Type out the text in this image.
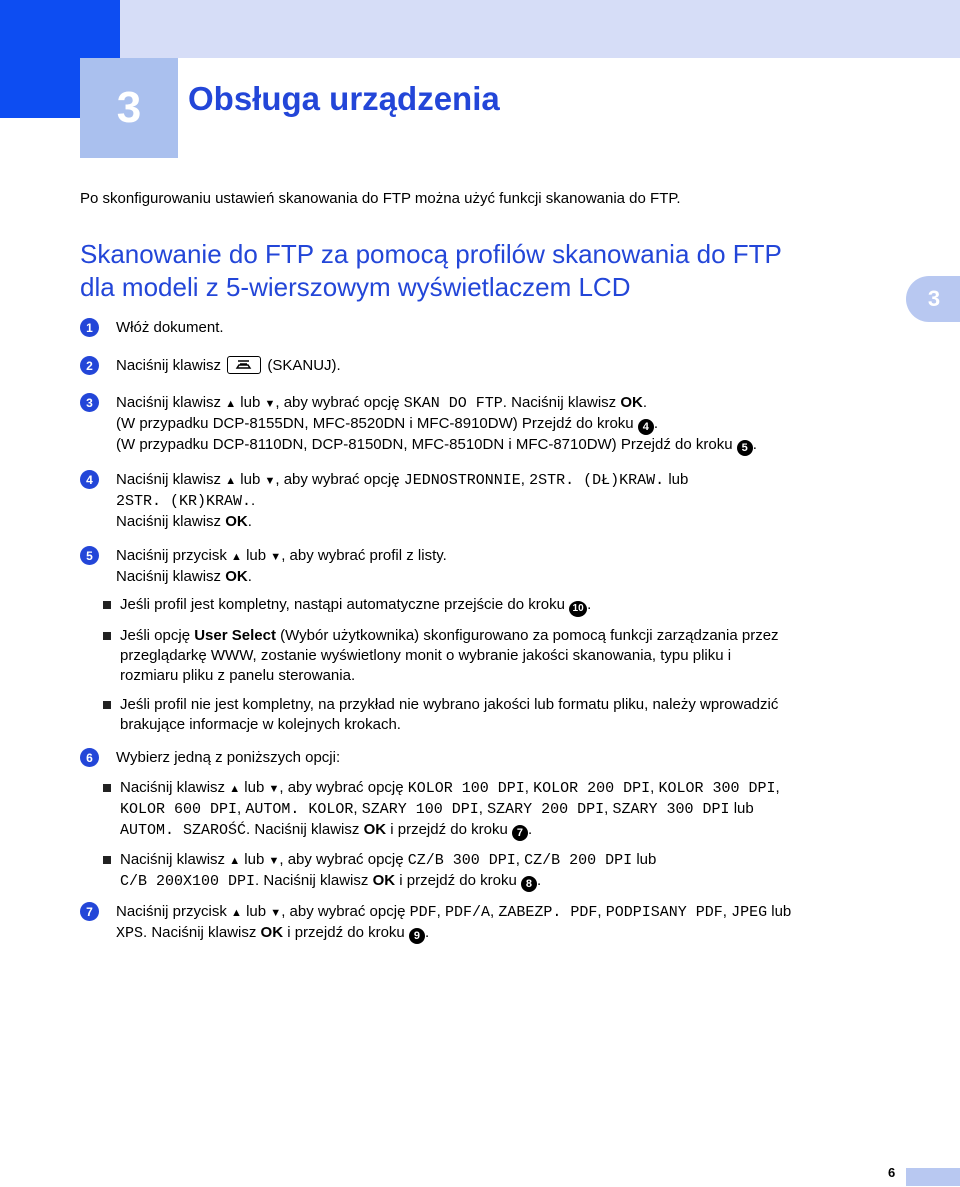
3 Obsługa urządzenia
3
Po skonfigurowaniu ustawień skanowania do FTP można użyć funkcji skanowania do FTP.
Skanowanie do FTP za pomocą profilów skanowania do FTP
dla modeli z 5-wierszowym wyświetlaczem LCD
1	Włóż dokument.
2	Naciśnij klawisz	(SKANUJ).
3	Naciśnij klawisz ▲ lub ▼, aby wybrać opcję SKAN DO FTP. Naciśnij klawisz OK.
(W przypadku DCP-8155DN, MFC-8520DN i MFC-8910DW) Przejdź do kroku 4 .
(W przypadku DCP-8110DN, DCP-8150DN, MFC-8510DN i MFC-8710DW) Przejdź do kroku 5 .
4	Naciśnij klawisz ▲ lub ▼, aby wybrać opcję JEDNOSTRONNIE, 2STR. (DŁ)KRAW. lub
2STR. (KR)KRAW..
Naciśnij klawisz OK.
5	Naciśnij przycisk ▲ lub ▼, aby wybrać profil z listy.
Naciśnij klawisz OK.
Jeśli profil jest kompletny, nastąpi automatyczne przejście do kroku 10 .
Jeśli opcję User Select (Wybór użytkownika) skonfigurowano za pomocą funkcji zarządzania przez
przeglądarkę WWW, zostanie wyświetlony monit o wybranie jakości skanowania, typu pliku i
rozmiaru pliku z panelu sterowania.
Jeśli profil nie jest kompletny, na przykład nie wybrano jakości lub formatu pliku, należy wprowadzić
brakujące informacje w kolejnych krokach.
6	Wybierz jedną z poniższych opcji:
Naciśnij klawisz ▲ lub ▼, aby wybrać opcję KOLOR 100 DPI, KOLOR 200 DPI, KOLOR 300 DPI,
KOLOR 600 DPI, AUTOM. KOLOR, SZARY 100 DPI, SZARY 200 DPI, SZARY 300 DPI lub
AUTOM. SZAROŚĆ. Naciśnij klawisz OK i przejdź do kroku 7 .
Naciśnij klawisz ▲ lub ▼, aby wybrać opcję CZ/B 300 DPI, CZ/B 200 DPI lub
C/B 200X100 DPI. Naciśnij klawisz OK i przejdź do kroku 8 .
7	Naciśnij przycisk ▲ lub ▼, aby wybrać opcję PDF, PDF/A, ZABEZP. PDF, PODPISANY PDF, JPEG lub
XPS. Naciśnij klawisz OK i przejdź do kroku 9 .
6
